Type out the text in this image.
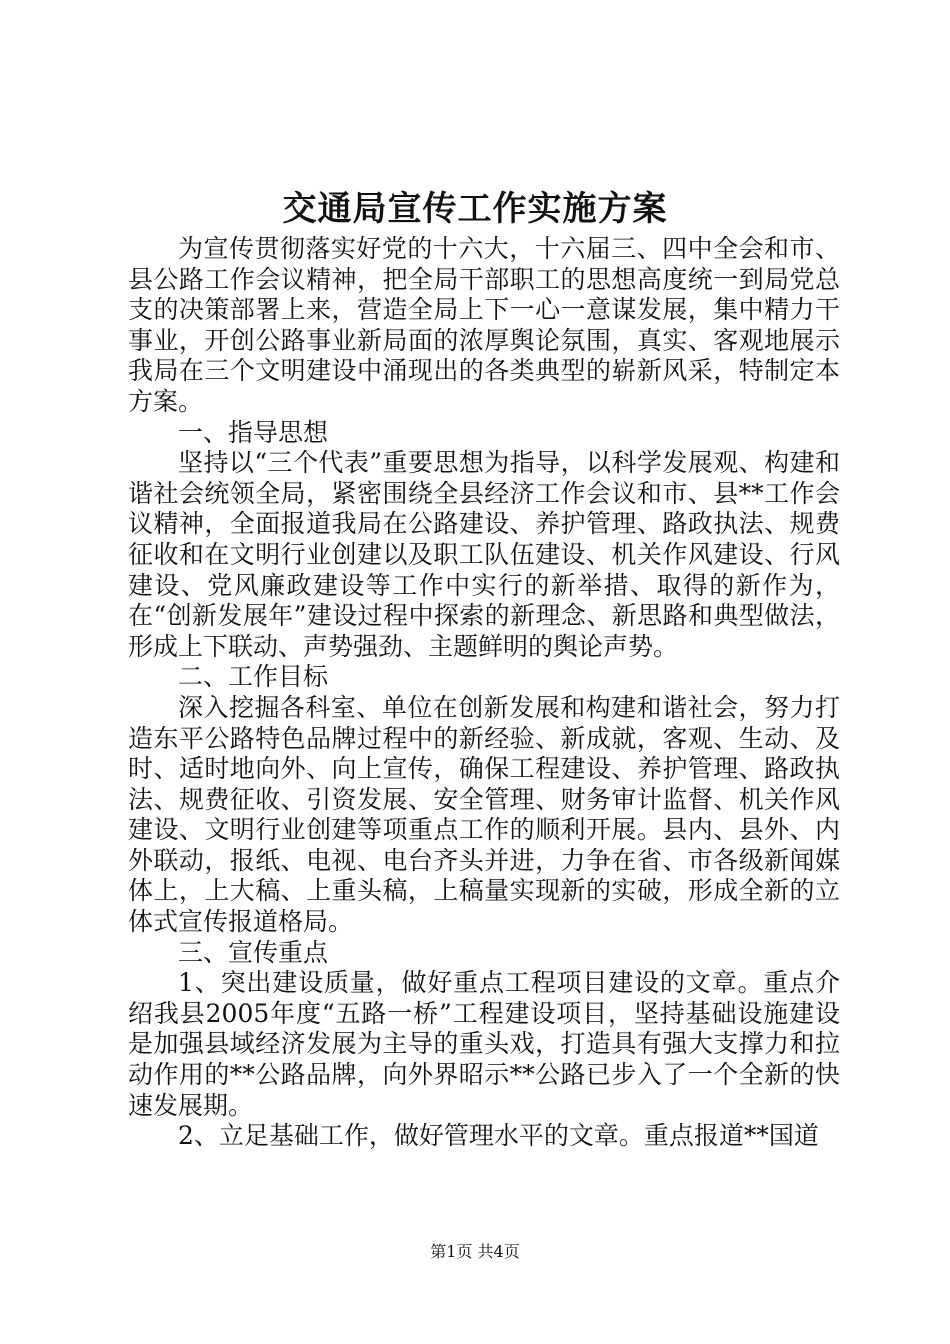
交通局宣传工作实施方案

为宣传贯彻落实好党的十六大，十六届三、四中全会和市、县公路工作会议精神，把全局干部职工的思想高度统一到局党总支的决策部署上来，营造全局上下一心一意谋发展，集中精力干事业，开创公路事业新局面的浓厚舆论氛围，真实、客观地展示我局在三个文明建设中涌现出的各类典型的崭新风采，特制定本方案。

一、指导思想

坚持以“三个代表”重要思想为指导，以科学发展观、构建和谐社会统领全局，紧密围绕全县经济工作会议和市、县**工作会议精神，全面报道我局在公路建设、养护管理、路政执法、规费征收和在文明行业创建以及职工队伍建设、机关作风建设、行风建设、党风廉政建设等工作中实行的新举措、取得的新作为，在“创新发展年”建设过程中探索的新理念、新思路和典型做法，形成上下联动、声势强劲、主题鲜明的舆论声势。

二、工作目标

深入挖掘各科室、单位在创新发展和构建和谐社会，努力打造东平公路特色品牌过程中的新经验、新成就，客观、生动、及时、适时地向外、向上宣传，确保工程建设、养护管理、路政执法、规费征收、引资发展、安全管理、财务审计监督、机关作风建设、文明行业创建等项重点工作的顺利开展。县内、县外、内外联动，报纸、电视、电台齐头并进，力争在省、市各级新闻媒体上，上大稿、上重头稿，上稿量实现新的实破，形成全新的立体式宣传报道格局。

三、宣传重点

1、突出建设质量，做好重点工程项目建设的文章。重点介绍我县2005年度“五路一桥”工程建设项目，坚持基础设施建设是加强县域经济发展为主导的重头戏，打造具有强大支撑力和拉动作用的**公路品牌，向外界昭示**公路已步入了一个全新的快速发展期。

2、立足基础工作，做好管理水平的文章。重点报道**国道

第1页 共4页
